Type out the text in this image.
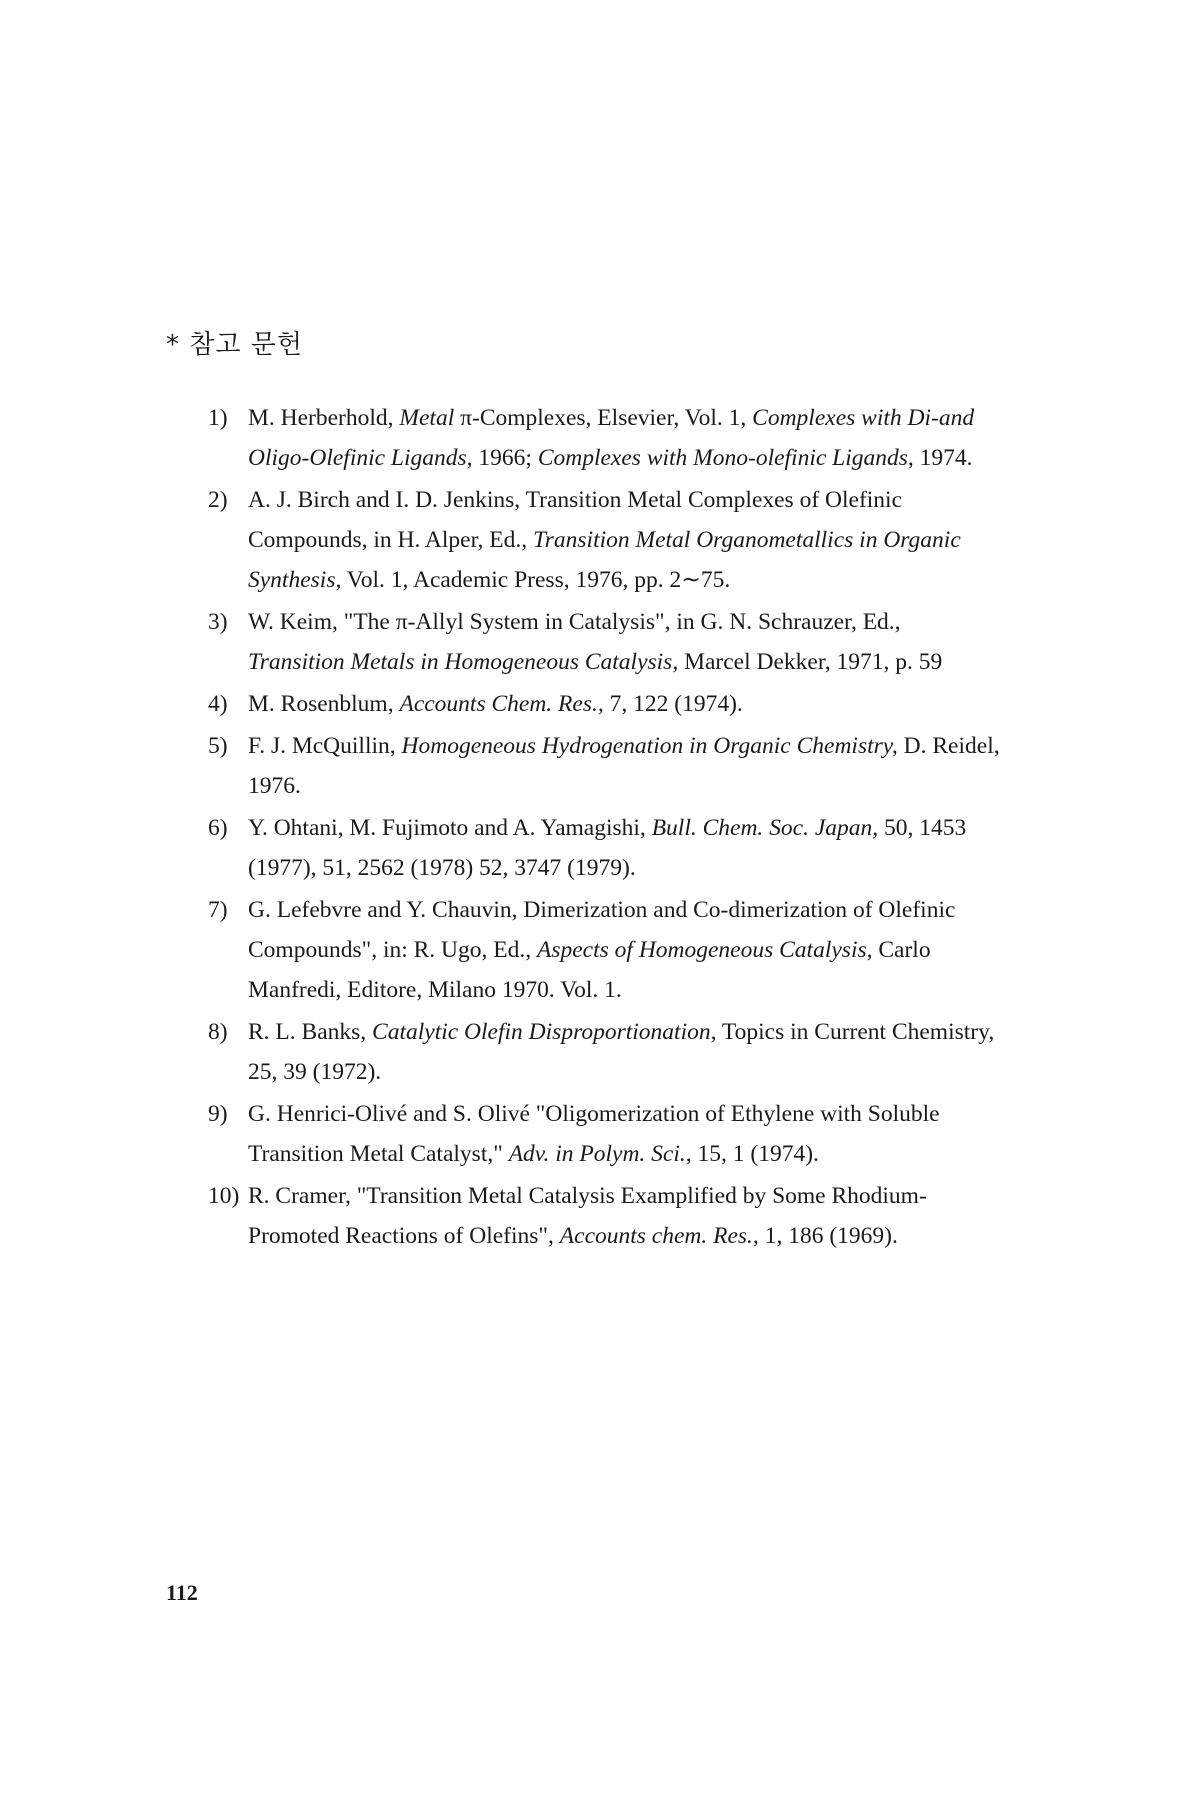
* 참고 문헌
1) M. Herberhold, Metal π-Complexes, Elsevier, Vol. 1, Complexes with Di-and Oligo-Olefinic Ligands, 1966; Complexes with Mono-olefinic Ligands, 1974.
2) A. J. Birch and I. D. Jenkins, Transition Metal Complexes of Olefinic Compounds, in H. Alper, Ed., Transition Metal Organometallics in Organic Synthesis, Vol. 1, Academic Press, 1976, pp. 2∼75.
3) W. Keim, "The π-Allyl System in Catalysis", in G. N. Schrauzer, Ed., Transition Metals in Homogeneous Catalysis, Marcel Dekker, 1971, p. 59
4) M. Rosenblum, Accounts Chem. Res., 7, 122 (1974).
5) F. J. McQuillin, Homogeneous Hydrogenation in Organic Chemistry, D. Reidel, 1976.
6) Y. Ohtani, M. Fujimoto and A. Yamagishi, Bull. Chem. Soc. Japan, 50, 1453 (1977), 51, 2562 (1978) 52, 3747 (1979).
7) G. Lefebvre and Y. Chauvin, Dimerization and Co-dimerization of Olefinic Compounds", in: R. Ugo, Ed., Aspects of Homogeneous Catalysis, Carlo Manfredi, Editore, Milano 1970. Vol. 1.
8) R. L. Banks, Catalytic Olefin Disproportionation, Topics in Current Chemistry, 25, 39 (1972).
9) G. Henrici-Olivé and S. Olivé "Oligomerization of Ethylene with Soluble Transition Metal Catalyst," Adv. in Polym. Sci., 15, 1 (1974).
10) R. Cramer, "Transition Metal Catalysis Examplified by Some Rhodium-Promoted Reactions of Olefins", Accounts chem. Res., 1, 186 (1969).
112
